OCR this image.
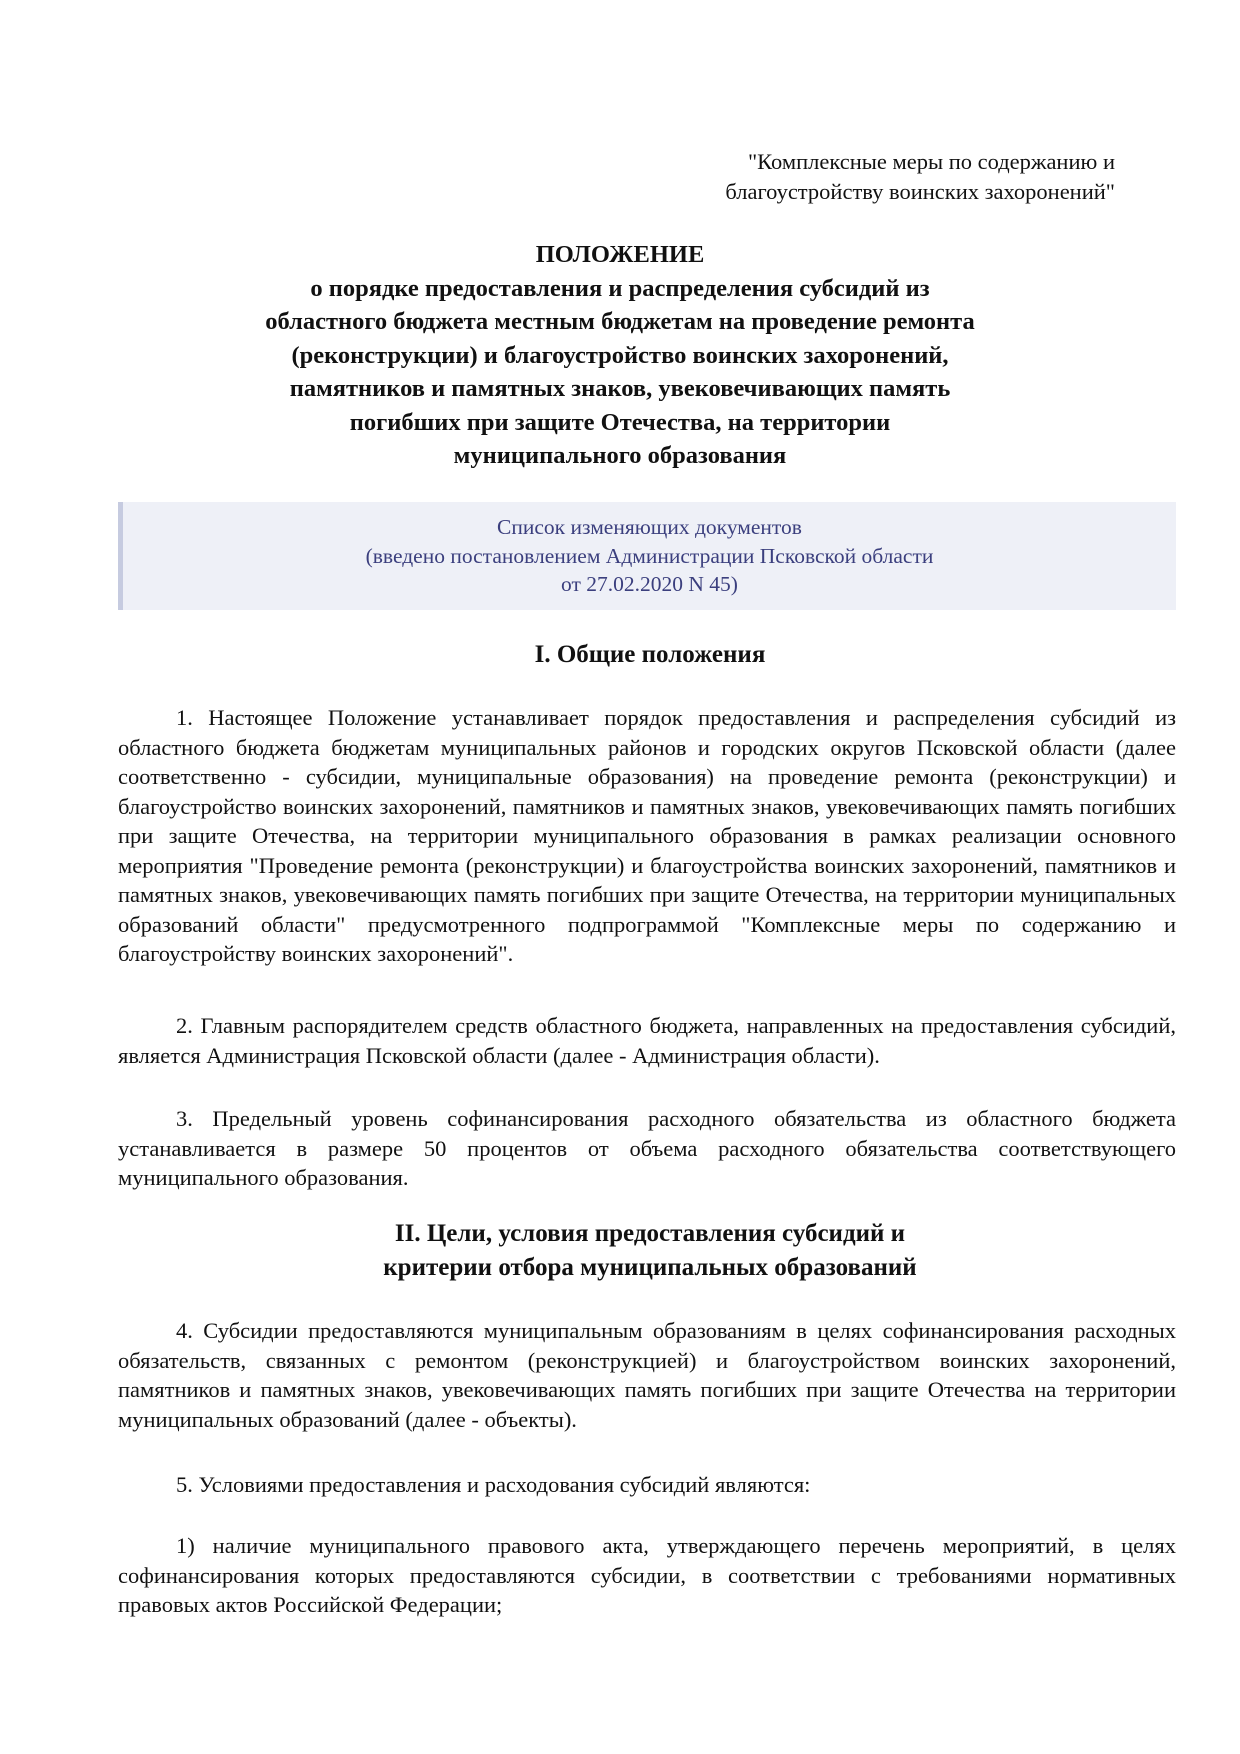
"Комплексные меры по содержанию и
благоустройству воинских захоронений"
ПОЛОЖЕНИЕ
о порядке предоставления и распределения субсидий из
областного бюджета местным бюджетам на проведение ремонта
(реконструкции) и благоустройство воинских захоронений,
памятников и памятных знаков, увековечивающих память
погибших при защите Отечества, на территории
муниципального образования
Список изменяющих документов
(введено постановлением Администрации Псковской области
от 27.02.2020 N 45)
I. Общие положения
1. Настоящее Положение устанавливает порядок предоставления и распределения субсидий из областного бюджета бюджетам муниципальных районов и городских округов Псковской области (далее соответственно - субсидии, муниципальные образования) на проведение ремонта (реконструкции) и благоустройство воинских захоронений, памятников и памятных знаков, увековечивающих память погибших при защите Отечества, на территории муниципального образования в рамках реализации основного мероприятия "Проведение ремонта (реконструкции) и благоустройства воинских захоронений, памятников и памятных знаков, увековечивающих память погибших при защите Отечества, на территории муниципальных образований области" предусмотренного подпрограммой "Комплексные меры по содержанию и благоустройству воинских захоронений".
2. Главным распорядителем средств областного бюджета, направленных на предоставления субсидий, является Администрация Псковской области (далее - Администрация области).
3. Предельный уровень софинансирования расходного обязательства из областного бюджета устанавливается в размере 50 процентов от объема расходного обязательства соответствующего муниципального образования.
II. Цели, условия предоставления субсидий и
критерии отбора муниципальных образований
4. Субсидии предоставляются муниципальным образованиям в целях софинансирования расходных обязательств, связанных с ремонтом (реконструкцией) и благоустройством воинских захоронений, памятников и памятных знаков, увековечивающих память погибших при защите Отечества на территории муниципальных образований (далее - объекты).
5. Условиями предоставления и расходования субсидий являются:
1) наличие муниципального правового акта, утверждающего перечень мероприятий, в целях софинансирования которых предоставляются субсидии, в соответствии с требованиями нормативных правовых актов Российской Федерации;
